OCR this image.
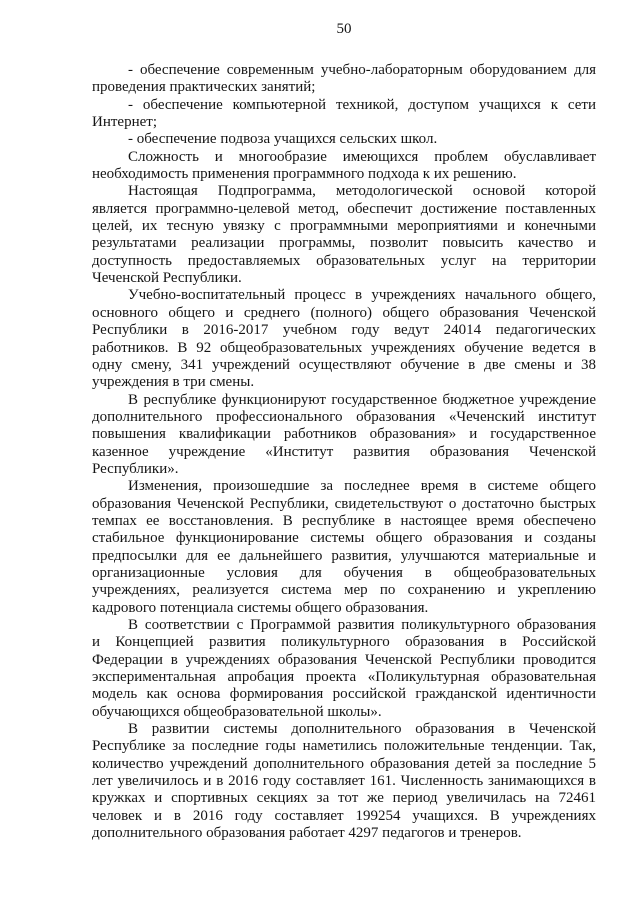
50
- обеспечение современным учебно-лабораторным оборудованием для
проведения практических занятий;
- обеспечение компьютерной техникой, доступом учащихся к сети
Интернет;
- обеспечение подвоза учащихся сельских школ.
Сложность и многообразие имеющихся проблем обуславливает
необходимость применения программного подхода к их решению.
Настоящая Подпрограмма, методологической основой которой
является программно-целевой метод, обеспечит достижение поставленных
целей, их тесную увязку с программными мероприятиями и конечными
результатами реализации программы, позволит повысить качество и
доступность предоставляемых образовательных услуг на территории
Чеченской Республики.
Учебно-воспитательный процесс в учреждениях начального общего,
основного общего и среднего (полного) общего образования Чеченской
Республики в 2016-2017 учебном году ведут 24014 педагогических
работников. В 92 общеобразовательных учреждениях обучение ведется в
одну смену, 341 учреждений осуществляют обучение в две смены и 38
учреждения в три смены.
В республике функционируют государственное бюджетное учреждение
дополнительного профессионального образования «Чеченский институт
повышения квалификации работников образования» и государственное
казенное учреждение «Институт развития образования Чеченской
Республики».
Изменения, произошедшие за последнее время в системе общего
образования Чеченской Республики, свидетельствуют о достаточно быстрых
темпах ее восстановления. В республике в настоящее время обеспечено
стабильное функционирование системы общего образования и созданы
предпосылки для ее дальнейшего развития, улучшаются материальные и
организационные условия для обучения в общеобразовательных
учреждениях, реализуется система мер по сохранению и укреплению
кадрового потенциала системы общего образования.
В соответствии с Программой развития поликультурного образования
и Концепцией развития поликультурного образования в Российской
Федерации в учреждениях образования Чеченской Республики проводится
экспериментальная апробация проекта «Поликультурная образовательная
модель как основа формирования российской гражданской идентичности
обучающихся общеобразовательной школы».
В развитии системы дополнительного образования в Чеченской
Республике за последние годы наметились положительные тенденции. Так,
количество учреждений дополнительного образования детей за последние 5
лет увеличилось и в 2016 году составляет 161. Численность занимающихся в
кружках и спортивных секциях за тот же период увеличилась на 72461
человек и в 2016 году составляет 199254 учащихся. В учреждениях
дополнительного образования работает 4297 педагогов и тренеров.
